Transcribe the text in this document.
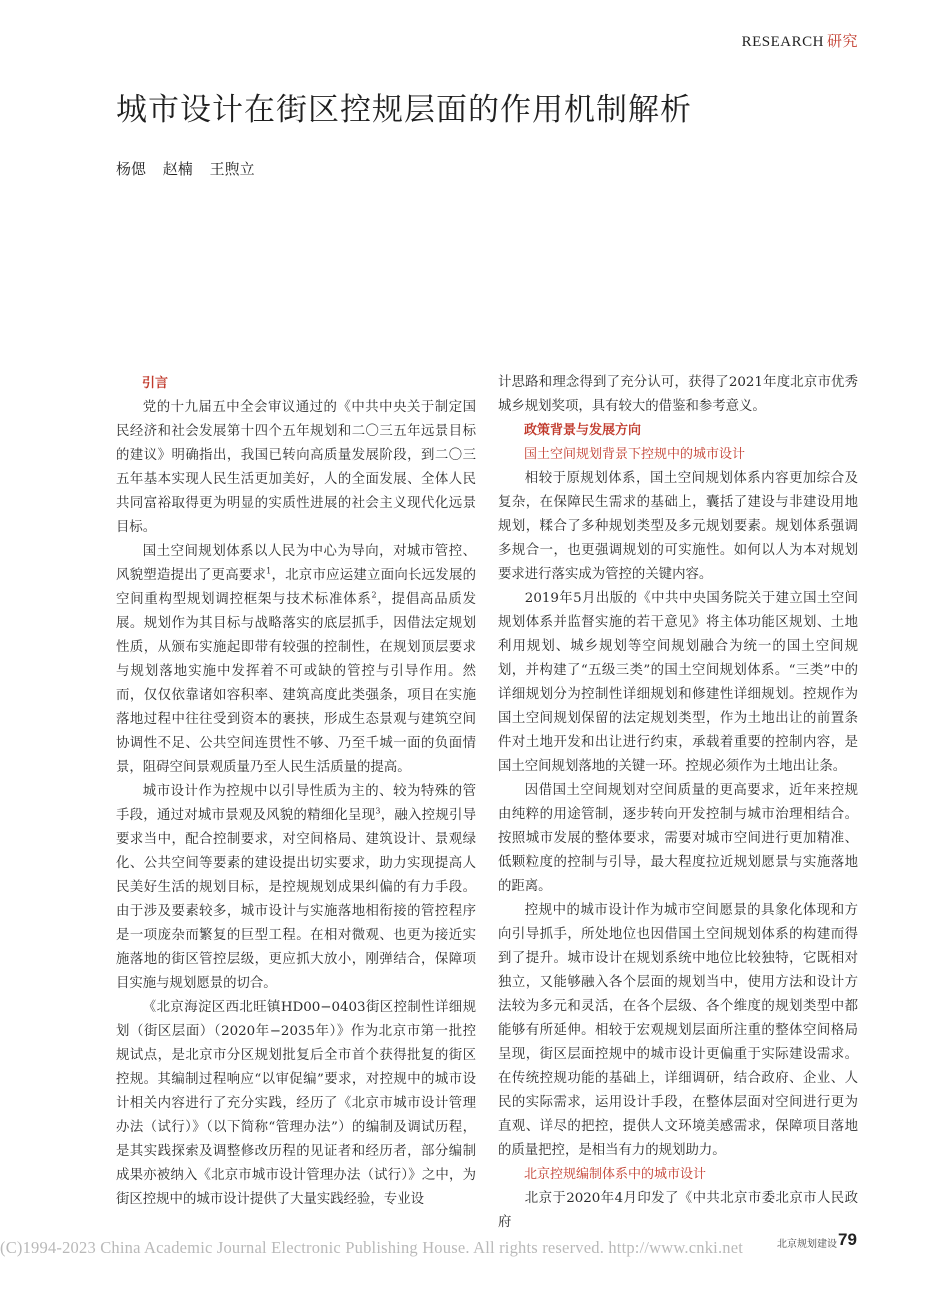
RESEARCH 研究
城市设计在街区控规层面的作用机制解析
杨偲 赵楠 王煦立
引言

党的十九届五中全会审议通过的《中共中央关于制定国民经济和社会发展第十四个五年规划和二〇三五年远景目标的建议》明确指出，我国已转向高质量发展阶段，到二〇三五年基本实现人民生活更加美好，人的全面发展、全体人民共同富裕取得更为明显的实质性进展的社会主义现代化远景目标。

国土空间规划体系以人民为中心为导向，对城市管控、风貌塑造提出了更高要求$^1$，北京市应运建立面向长远发展的空间重构型规划调控框架与技术标准体系$^2$，提倡高品质发展。规划作为其目标与战略落实的底层抓手，因借法定规划性质，从颁布实施起即带有较强的控制性，在规划顶层要求与规划落地实施中发挥着不可或缺的管控与引导作用。然而，仅仅依靠诸如容积率、建筑高度此类强条，项目在实施落地过程中往往受到资本的裹挟，形成生态景观与建筑空间协调性不足、公共空间连贯性不够、乃至千城一面的负面情景，阻碍空间景观质量乃至人民生活质量的提高。

城市设计作为控规中以引导性质为主的、较为特殊的管手段，通过对城市景观及风貌的精细化呈现$^3$，融入控规引导要求当中，配合控制要求，对空间格局、建筑设计、景观绿化、公共空间等要素的建设提出切实要求，助力实现提高人民美好生活的规划目标，是控规规划成果纠偏的有力手段。由于涉及要素较多，城市设计与实施落地相衔接的管控程序是一项庞杂而繁复的巨型工程。在相对微观、也更为接近实施落地的街区管控层级，更应抓大放小，刚弹结合，保障项目实施与规划愿景的切合。

《北京海淀区西北旺镇HD00−0403街区控制性详细规划（街区层面）（2020年−2035年）》作为北京市第一批控规试点，是北京市分区规划批复后全市首个获得批复的街区控规。其编制过程响应“以审促编”要求，对控规中的城市设计相关内容进行了充分实践，经历了《北京市城市设计管理办法（试行）》（以下简称“管理办法”）的编制及调试历程，是其实践探索及调整修改历程的见证者和经历者，部分编制成果亦被纳入《北京市城市设计管理办法（试行）》之中，为街区控规中的城市设计提供了大量实践经验，专业设

计思路和理念得到了充分认可，获得了2021年度北京市优秀城乡规划奖项，具有较大的借鉴和参考意义。

政策背景与发展方向
国土空间规划背景下控规中的城市设计

相较于原规划体系，国土空间规划体系内容更加综合及复杂，在保障民生需求的基础上，囊括了建设与非建设用地规划，糅合了多种规划类型及多元规划要素。规划体系强调多规合一，也更强调规划的可实施性。如何以人为本对规划要求进行落实成为管控的关键内容。

2019年5月出版的《中共中央国务院关于建立国土空间规划体系并监督实施的若干意见》将主体功能区规划、土地利用规划、城乡规划等空间规划融合为统一的国土空间规划，并构建了“五级三类”的国土空间规划体系。“三类”中的详细规划分为控制性详细规划和修建性详细规划。控规作为国土空间规划保留的法定规划类型，作为土地出让的前置条件对土地开发和出让进行约束，承载着重要的控制内容，是国土空间规划落地的关键一环。控规必须作为土地出让条。

因借国土空间规划对空间质量的更高要求，近年来控规由纯粹的用途管制，逐步转向开发控制与城市治理相结合。按照城市发展的整体要求，需要对城市空间进行更加精准、低颗粒度的控制与引导，最大程度拉近规划愿景与实施落地的距离。

控规中的城市设计作为城市空间愿景的具象化体现和方向引导抓手，所处地位也因借国土空间规划体系的构建而得到了提升。城市设计在规划系统中地位比较独特，它既相对独立，又能够融入各个层面的规划当中，使用方法和设计方法较为多元和灵活，在各个层级、各个维度的规划类型中都能够有所延伸。相较于宏观规划层面所注重的整体空间格局呈现，街区层面控规中的城市设计更偏重于实际建设需求。在传统控规功能的基础上，详细调研，结合政府、企业、人民的实际需求，运用设计手段，在整体层面对空间进行更为直观、详尽的把控，提供人文环境美感需求，保障项目落地的质量把控，是相当有力的规划助力。

北京控规编制体系中的城市设计

北京于2020年4月印发了《中共北京市委北京市人民政府

(C)1994-2023 China Academic Journal Electronic Publishing House. All rights reserved. http://www.cnki.net	北京规划建设 79
